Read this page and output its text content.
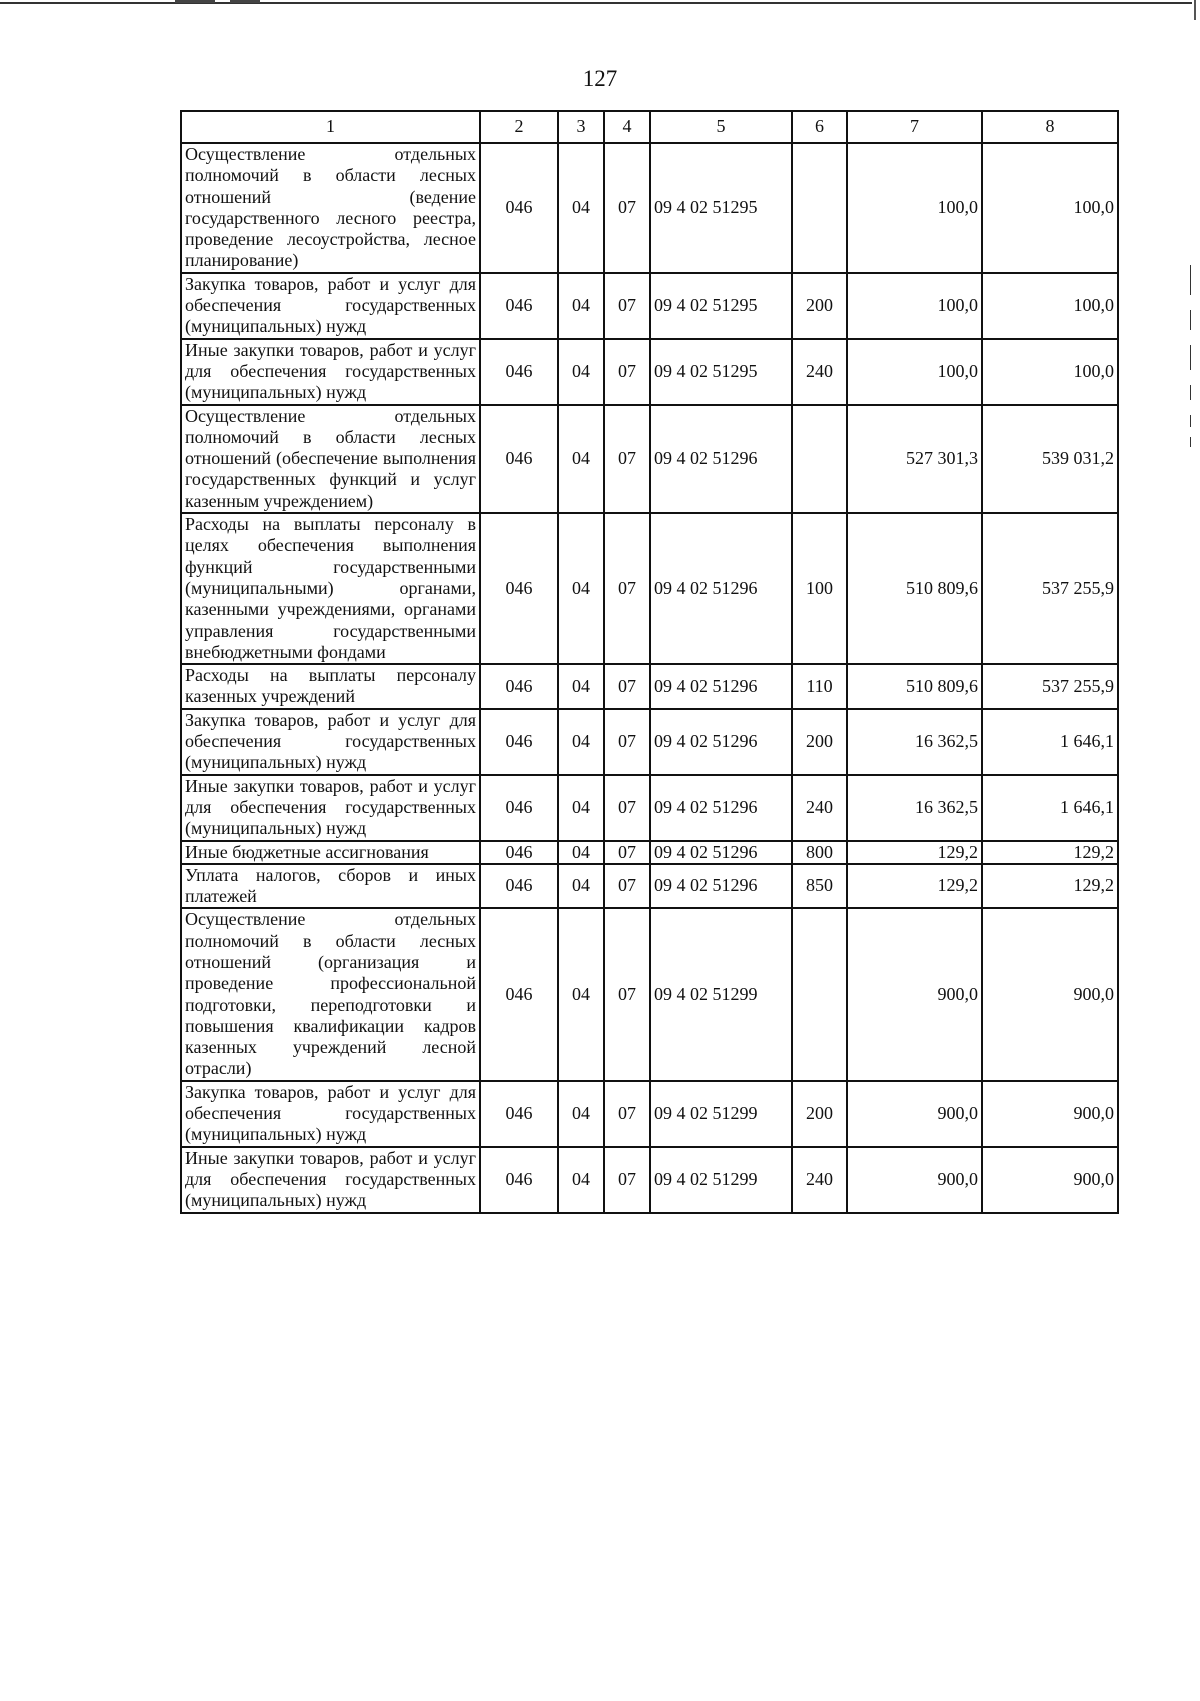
127
1	2	3	4	5	6	7	8
Осуществление отдельных полномочий в области лесных отношений (ведение государственного лесного реестра, проведение лесоустройства, лесное планирование)	046	04	07	09 4 02 51295		100,0	100,0
Закупка товаров, работ и услуг для обеспечения государственных (муниципальных) нужд	046	04	07	09 4 02 51295	200	100,0	100,0
Иные закупки товаров, работ и услуг для обеспечения государственных (муниципальных) нужд	046	04	07	09 4 02 51295	240	100,0	100,0
Осуществление отдельных полномочий в области лесных отношений (обеспечение выполнения государственных функций и услуг казенным учреждением)	046	04	07	09 4 02 51296		527 301,3	539 031,2
Расходы на выплаты персоналу в целях обеспечения выполнения функций государственными (муниципальными) органами, казенными учреждениями, органами управления государственными внебюджетными фондами	046	04	07	09 4 02 51296	100	510 809,6	537 255,9
Расходы на выплаты персоналу казенных учреждений	046	04	07	09 4 02 51296	110	510 809,6	537 255,9
Закупка товаров, работ и услуг для обеспечения государственных (муниципальных) нужд	046	04	07	09 4 02 51296	200	16 362,5	1 646,1
Иные закупки товаров, работ и услуг для обеспечения государственных (муниципальных) нужд	046	04	07	09 4 02 51296	240	16 362,5	1 646,1
Иные бюджетные ассигнования	046	04	07	09 4 02 51296	800	129,2	129,2
Уплата налогов, сборов и иных платежей	046	04	07	09 4 02 51296	850	129,2	129,2
Осуществление отдельных полномочий в области лесных отношений (организация и проведение профессиональной подготовки, переподготовки и повышения квалификации кадров казенных учреждений лесной отрасли)	046	04	07	09 4 02 51299		900,0	900,0
Закупка товаров, работ и услуг для обеспечения государственных (муниципальных) нужд	046	04	07	09 4 02 51299	200	900,0	900,0
Иные закупки товаров, работ и услуг для обеспечения государственных (муниципальных) нужд	046	04	07	09 4 02 51299	240	900,0	900,0
